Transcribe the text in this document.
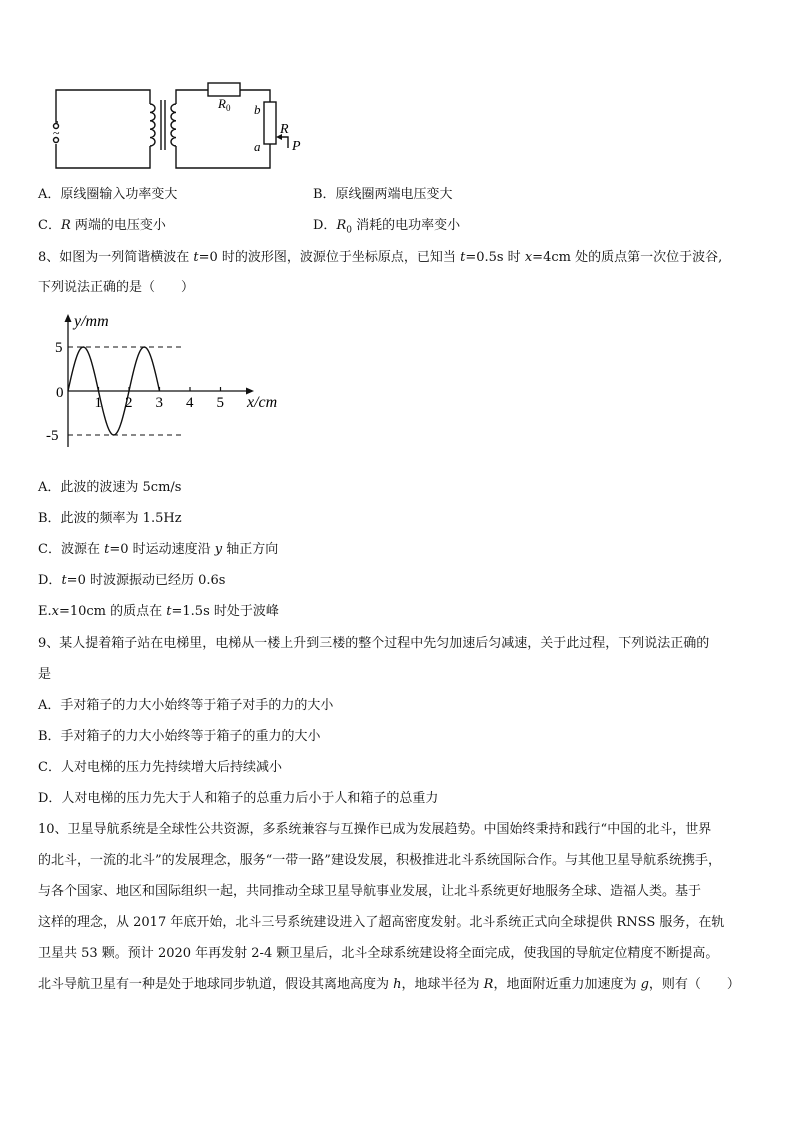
~
$R_0$ b
a
R
P
A．原线圈输入功率变大	B．原线圈两端电压变大
C．R 两端的电压变小	D．$R_0$ 消耗的电功率变小
8、如图为一列简谐横波在 t=0 时的波形图，波源位于坐标原点，已知当 t=0.5s 时 x=4cm 处的质点第一次位于波谷,
下列说法正确的是（　　）
1 2 3 4 5
y/mm
x/cm
0
5
-5
A．此波的波速为 5cm/s
B．此波的频率为 1.5Hz
C．波源在 t=0 时运动速度沿 y 轴正方向
D．t=0 时波源振动已经历 0.6s
E.x=10cm 的质点在 t=1.5s 时处于波峰
9、某人提着箱子站在电梯里，电梯从一楼上升到三楼的整个过程中先匀加速后匀减速，关于此过程，下列说法正确的
是
A．手对箱子的力大小始终等于箱子对手的力的大小
B．手对箱子的力大小始终等于箱子的重力的大小
C．人对电梯的压力先持续增大后持续减小
D．人对电梯的压力先大于人和箱子的总重力后小于人和箱子的总重力
10、卫星导航系统是全球性公共资源，多系统兼容与互操作已成为发展趋势。中国始终秉持和践行“中国的北斗，世界
的北斗，一流的北斗”的发展理念，服务“一带一路”建设发展，积极推进北斗系统国际合作。与其他卫星导航系统携手，
与各个国家、地区和国际组织一起，共同推动全球卫星导航事业发展，让北斗系统更好地服务全球、造福人类。基于
这样的理念，从 2017 年底开始，北斗三号系统建设进入了超高密度发射。北斗系统正式向全球提供 RNSS 服务，在轨
卫星共 53 颗。预计 2020 年再发射 2-4 颗卫星后，北斗全球系统建设将全面完成，使我国的导航定位精度不断提高。
北斗导航卫星有一种是处于地球同步轨道，假设其离地高度为 h，地球半径为 R，地面附近重力加速度为 g，则有（　　）
